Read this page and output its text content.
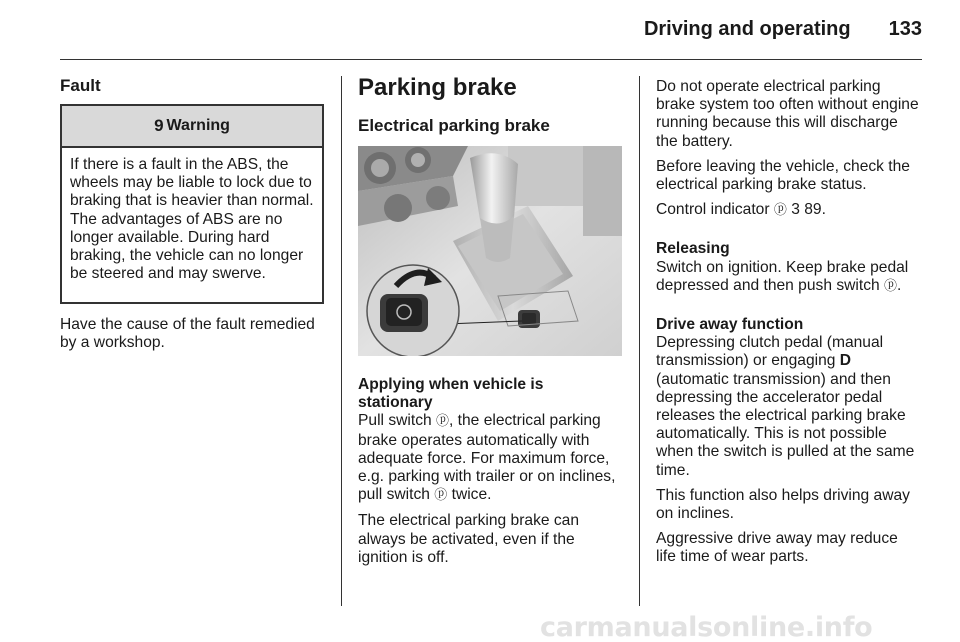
Driving and operating 133
Fault
9 Warning
If there is a fault in the ABS, the wheels may be liable to lock due to braking that is heavier than normal. The advantages of ABS are no longer available. During hard braking, the vehicle can no longer be steered and may swerve.
Have the cause of the fault remedied by a workshop.
Parking brake
Electrical parking brake
Applying when vehicle is stationary

Pull switch ⓟ, the electrical parking brake operates automatically with adequate force. For maximum force, e.g. parking with trailer or on inclines, pull switch ⓟ twice.

The electrical parking brake can always be activated, even if the ignition is off.

Do not operate electrical parking brake system too often without engine running because this will discharge the battery.

Before leaving the vehicle, check the electrical parking brake status.

Control indicator ⓟ 3 89.

Releasing

Switch on ignition. Keep brake pedal depressed and then push switch ⓟ.

Drive away function

Depressing clutch pedal (manual transmission) or engaging D (automatic transmission) and then depressing the accelerator pedal releases the electrical parking brake automatically. This is not possible when the switch is pulled at the same time.

This function also helps driving away on inclines.

Aggressive drive away may reduce life time of wear parts.

carmanualsonline.info
